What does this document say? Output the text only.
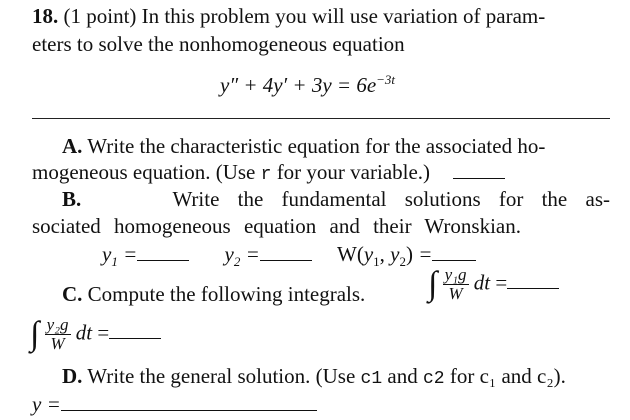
18. (1 point) In this problem you will use variation of param-
eters to solve the nonhomogeneous equation
$y'' + 4y' + 3y = 6e^{-3t}$
A. Write the characteristic equation for the associated ho-
mogeneous equation. (Use r for your variable.)
B.	Write the fundamental solutions for the as-
sociated homogeneous equation and their Wronskian.
$y_1$ =	$y_2$ =	$W(y_1$, $y_2$) =
C. Compute the following integrals. ∫ $\frac{\text{y₁g}}{W}$ dt =
∫ $\frac{\text{y₂g}}{W}$ dt =
D. Write the general solution. (Use c1 and c2 for c₁ and c₂).
y =
